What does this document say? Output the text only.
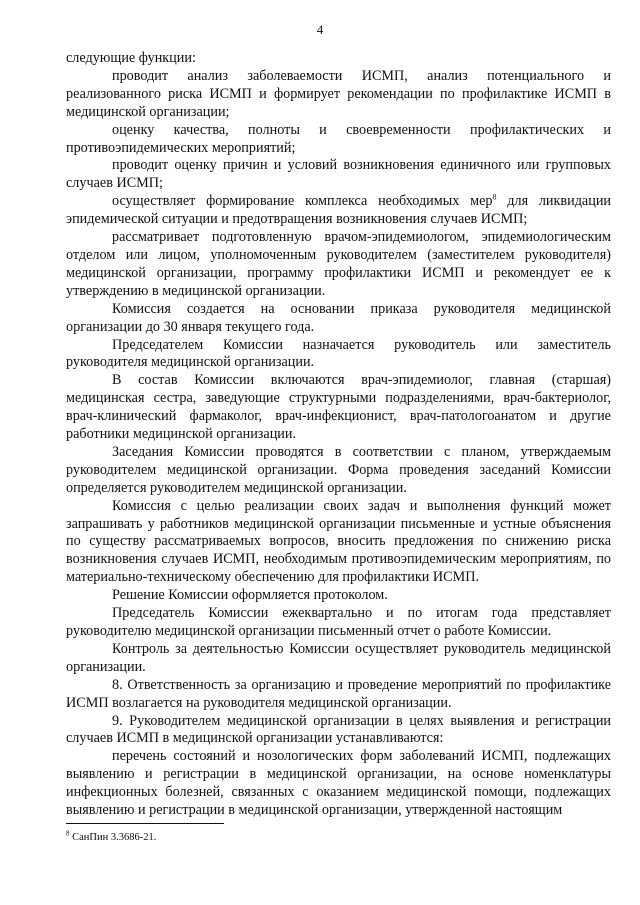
4

следующие функции:

проводит анализ заболеваемости ИСМП, анализ потенциального и реализованного риска ИСМП и формирует рекомендации по профилактике ИСМП в медицинской организации;

оценку качества, полноты и своевременности профилактических и противоэпидемических мероприятий;

проводит оценку причин и условий возникновения единичного или групповых случаев ИСМП;

осуществляет формирование комплекса необходимых мер$^8$ для ликвидации эпидемической ситуации и предотвращения возникновения случаев ИСМП;

рассматривает подготовленную врачом-эпидемиологом, эпидемиологическим отделом или лицом, уполномоченным руководителем (заместителем руководителя) медицинской организации, программу профилактики ИСМП и рекомендует ее к утверждению в медицинской организации.

Комиссия создается на основании приказа руководителя медицинской организации до 30 января текущего года.

Председателем Комиссии назначается руководитель или заместитель руководителя медицинской организации.

В состав Комиссии включаются врач-эпидемиолог, главная (старшая) медицинская сестра, заведующие структурными подразделениями, врач-бактериолог, врач-клинический фармаколог, врач-инфекционист, врач-патологоанатом и другие работники медицинской организации.

Заседания Комиссии проводятся в соответствии с планом, утверждаемым руководителем медицинской организации. Форма проведения заседаний Комиссии определяется руководителем медицинской организации.

Комиссия с целью реализации своих задач и выполнения функций может запрашивать у работников медицинской организации письменные и устные объяснения по существу рассматриваемых вопросов, вносить предложения по снижению риска возникновения случаев ИСМП, необходимым противоэпидемическим мероприятиям, по материально-техническому обеспечению для профилактики ИСМП.

Решение Комиссии оформляется протоколом.

Председатель Комиссии ежеквартально и по итогам года представляет руководителю медицинской организации письменный отчет о работе Комиссии.

Контроль за деятельностью Комиссии осуществляет руководитель медицинской организации.

8. Ответственность за организацию и проведение мероприятий по профилактике ИСМП возлагается на руководителя медицинской организации.

9. Руководителем медицинской организации в целях выявления и регистрации случаев ИСМП в медицинской организации устанавливаются:

перечень состояний и нозологических форм заболеваний ИСМП, подлежащих выявлению и регистрации в медицинской организации, на основе номенклатуры инфекционных болезней, связанных с оказанием медицинской помощи, подлежащих выявлению и регистрации в медицинской организации, утвержденной настоящим

$^8$ СанПин 3.3686-21.
